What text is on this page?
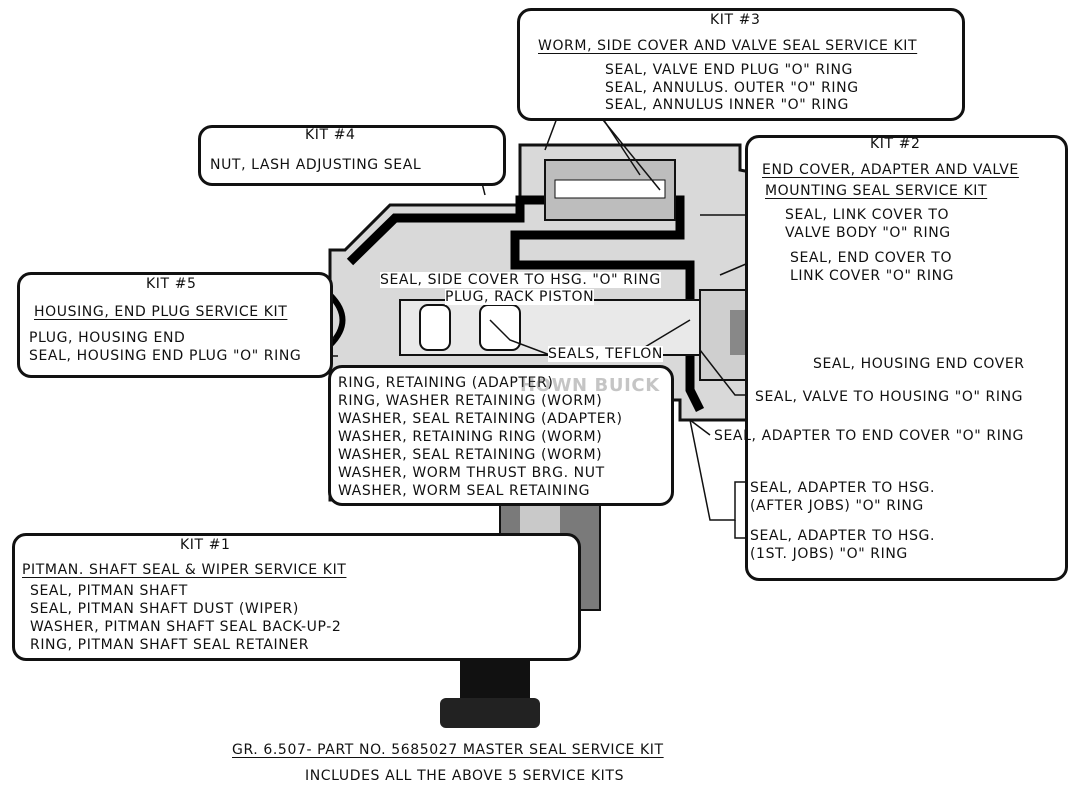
KIT #3
WORM, SIDE COVER AND VALVE SEAL SERVICE KIT
SEAL, VALVE END PLUG "O" RING
SEAL, ANNULUS. OUTER "O" RING
SEAL, ANNULUS INNER "O" RING
KIT #4
NUT, LASH ADJUSTING SEAL
KIT #2
END COVER, ADAPTER AND VALVE
MOUNTING SEAL SERVICE KIT
SEAL, LINK COVER TO
VALVE BODY "O" RING
SEAL, END COVER TO
LINK COVER "O" RING
SEAL, HOUSING END COVER
SEAL, VALVE TO HOUSING "O" RING
SEAL, ADAPTER TO END COVER "O" RING
SEAL, ADAPTER TO HSG.
(AFTER JOBS) "O" RING
SEAL, ADAPTER TO HSG.
(1ST. JOBS) "O" RING
KIT #5
HOUSING, END PLUG SERVICE KIT
PLUG, HOUSING END
SEAL, HOUSING END PLUG "O" RING
SEAL, SIDE COVER TO HSG. "O" RING
PLUG, RACK PISTON
SEALS, TEFLON
RING, RETAINING (ADAPTER)
RING, WASHER RETAINING (WORM)
WASHER, SEAL RETAINING (ADAPTER)
WASHER, RETAINING RING (WORM)
WASHER, SEAL RETAINING (WORM)
WASHER, WORM THRUST BRG. NUT
WASHER, WORM SEAL RETAINING
HOWN BUICK
KIT #1
PITMAN. SHAFT SEAL & WIPER SERVICE KIT
SEAL, PITMAN SHAFT
SEAL, PITMAN SHAFT DUST (WIPER)
WASHER, PITMAN SHAFT SEAL BACK-UP-2
RING, PITMAN SHAFT SEAL RETAINER
GR. 6.507- PART NO. 5685027 MASTER SEAL SERVICE KIT
INCLUDES ALL THE ABOVE 5 SERVICE KITS
